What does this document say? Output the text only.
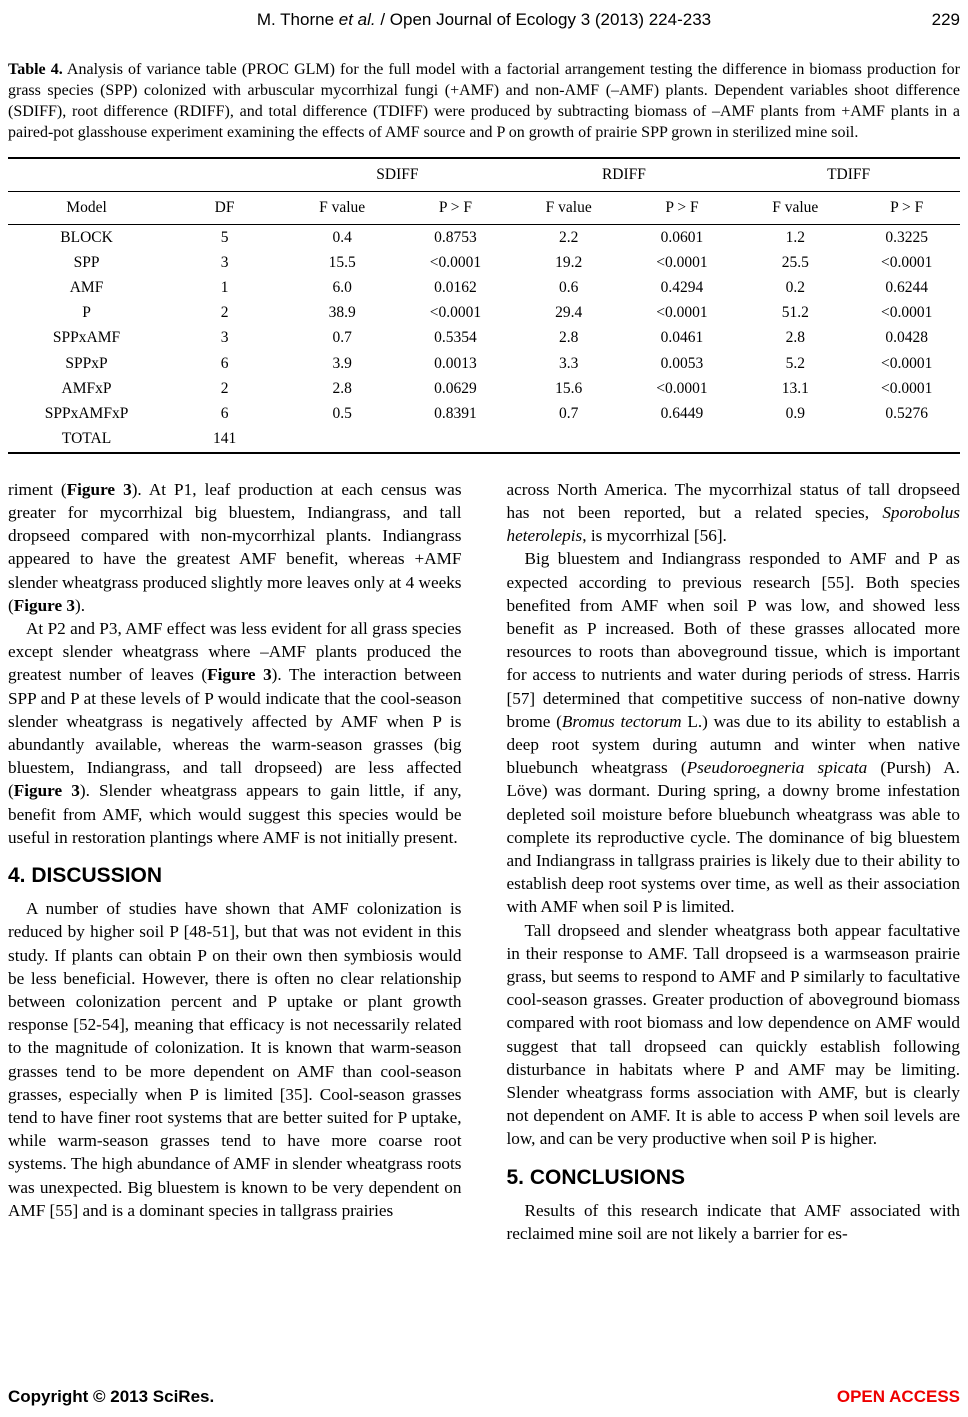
M. Thorne et al. / Open Journal of Ecology 3 (2013) 224-233	229

Table 4. Analysis of variance table (PROC GLM) for the full model with a factorial arrangement testing the difference in biomass production for grass species (SPP) colonized with arbuscular mycorrhizal fungi (+AMF) and non-AMF (–AMF) plants. Dependent variables shoot difference (SDIFF), root difference (RDIFF), and total difference (TDIFF) were produced by subtracting biomass of –AMF plants from +AMF plants in a paired-pot glasshouse experiment examining the effects of AMF source and P on growth of prairie SPP grown in sterilized mine soil.

		SDIFF		RDIFF		TDIFF	
Model	DF	F value	P > F	F value	P > F	F value	P > F
BLOCK	5	0.4	0.8753	2.2	0.0601	1.2	0.3225
SPP	3	15.5	<0.0001	19.2	<0.0001	25.5	<0.0001
AMF	1	6.0	0.0162	0.6	0.4294	0.2	0.6244
P	2	38.9	<0.0001	29.4	<0.0001	51.2	<0.0001
SPPxAMF	3	0.7	0.5354	2.8	0.0461	2.8	0.0428
SPPxP	6	3.9	0.0013	3.3	0.0053	5.2	<0.0001
AMFxP	2	2.8	0.0629	15.6	<0.0001	13.1	<0.0001
SPPxAMFxP	6	0.5	0.8391	0.7	0.6449	0.9	0.5276
TOTAL	141						

riment (Figure 3). At P1, leaf production at each census was greater for mycorrhizal big bluestem, Indiangrass, and tall dropseed compared with non-mycorrhizal plants. Indiangrass appeared to have the greatest AMF benefit, whereas +AMF slender wheatgrass produced slightly more leaves only at 4 weeks (Figure 3).

At P2 and P3, AMF effect was less evident for all grass species except slender wheatgrass where –AMF plants produced the greatest number of leaves (Figure 3). The interaction between SPP and P at these levels of P would indicate that the cool-season slender wheatgrass is negatively affected by AMF when P is abundantly available, whereas the warm-season grasses (big bluestem, Indiangrass, and tall dropseed) are less affected (Figure 3). Slender wheatgrass appears to gain little, if any, benefit from AMF, which would suggest this species would be useful in restoration plantings where AMF is not initially present.

4. DISCUSSION

A number of studies have shown that AMF colonization is reduced by higher soil P [48-51], but that was not evident in this study. If plants can obtain P on their own then symbiosis would be less beneficial. However, there is often no clear relationship between colonization percent and P uptake or plant growth response [52-54], meaning that efficacy is not necessarily related to the magnitude of colonization. It is known that warm-season grasses tend to be more dependent on AMF than cool-season grasses, especially when P is limited [35]. Cool-season grasses tend to have finer root systems that are better suited for P uptake, while warm-season grasses tend to have more coarse root systems. The high abundance of AMF in slender wheatgrass roots was unexpected. Big bluestem is known to be very dependent on AMF [55] and is a dominant species in tallgrass prairies

across North America. The mycorrhizal status of tall dropseed has not been reported, but a related species, Sporobolus heterolepis, is mycorrhizal [56].

Big bluestem and Indiangrass responded to AMF and P as expected according to previous research [55]. Both species benefited from AMF when soil P was low, and showed less benefit as P increased. Both of these grasses allocated more resources to roots than aboveground tissue, which is important for access to nutrients and water during periods of stress. Harris [57] determined that competitive success of non-native downy brome (Bromus tectorum L.) was due to its ability to establish a deep root system during autumn and winter when native bluebunch wheatgrass (Pseudoroegneria spicata (Pursh) A. Löve) was dormant. During spring, a downy brome infestation depleted soil moisture before bluebunch wheatgrass was able to complete its reproductive cycle. The dominance of big bluestem and Indiangrass in tallgrass prairies is likely due to their ability to establish deep root systems over time, as well as their association with AMF when soil P is limited.

Tall dropseed and slender wheatgrass both appear facultative in their response to AMF. Tall dropseed is a warmseason prairie grass, but seems to respond to AMF and P similarly to facultative cool-season grasses. Greater production of aboveground biomass compared with root biomass and low dependence on AMF would suggest that tall dropseed can quickly establish following disturbance in habitats where P and AMF may be limiting. Slender wheatgrass forms association with AMF, but is clearly not dependent on AMF. It is able to access P when soil levels are low, and can be very productive when soil P is higher.

5. CONCLUSIONS

Results of this research indicate that AMF associated with reclaimed mine soil are not likely a barrier for es-

Copyright © 2013 SciRes.	OPEN ACCESS
